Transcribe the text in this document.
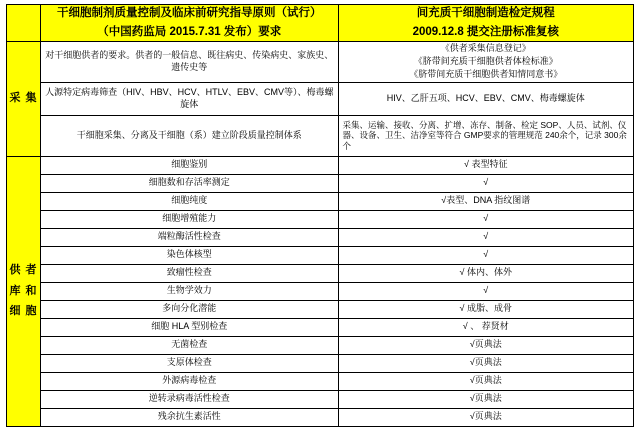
	干细胞制剂质量控制及临床前研究指导原则（试行）
（中国药监局 2015.7.31 发布）要求	间充质干细胞制造检定规程
2009.12.8 提交注册标准复核

采 集	对干细胞供者的要求。供者的一般信息、既往病史、传染病史、家族史、遗传史等	《供者采集信息登记》
《脐带间充质干细胞供者体检标准》
《脐带间充质干细胞供者知情同意书》

	人源特定病毒筛查（HIV、HBV、HCV、HTLV、EBV、CMV等）、梅毒螺旋体	HIV、乙肝五项、HCV、EBV、CMV、梅毒螺旋体
	干细胞采集、分离及干细胞（系）建立阶段质量控制体系	采集、运输、接收、分离、扩增、冻存、制备、检定 SOP、人员、试剂、仪器、设备、卫生、洁净室等符合 GMP要求的管理规范 240余个，记录 300余个

供 者 库 和 细 胞	细胞鉴别	√ 表型特征
	细胞数和存活率测定	√
	细胞纯度	√表型、DNA 指纹图谱
	细胞增殖能力	√
	端粒酶活性检查	√
	染色体核型	√
	致瘤性检查	√ 体内、体外
	生物学效力	√
	多向分化潜能	√ 成脂、成骨
	细胞 HLA 型别检查	√ 、 荐贤材
	无菌检查	√页典法
	支原体检查	√页典法
	外源病毒检查	√页典法
	逆转录病毒活性检查	√页典法
	残余抗生素活性	√页典法
